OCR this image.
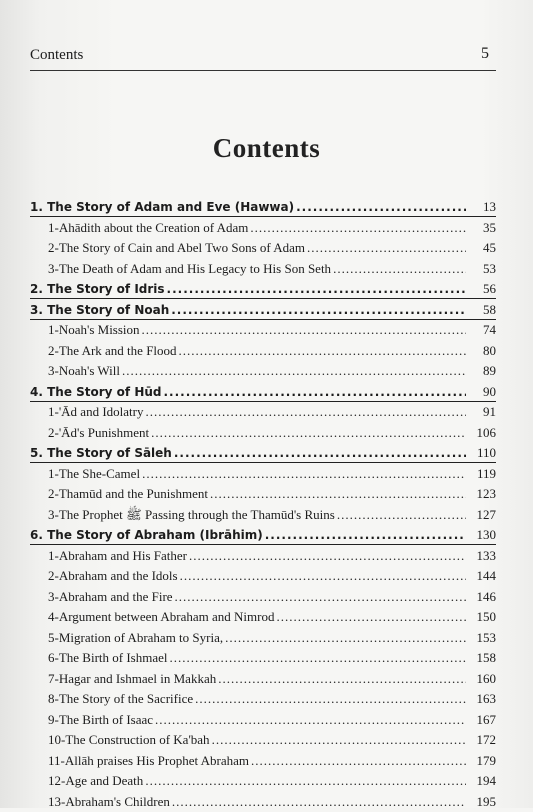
Contents	5
Contents
1. The Story of Adam and Eve (Hawwa) .....	13
1-Ahādith about the Creation of Adam .....	35
2-The Story of Cain and Abel Two Sons of Adam .....	45
3-The Death of Adam and His Legacy to His Son Seth .....	53
2. The Story of Idris .....	56
3. The Story of Noah .....	58
1-Noah's Mission .....	74
2-The Ark and the Flood .....	80
3-Noah's Will .....	89
4. The Story of Hūd .....	90
1-'Ād and Idolatry .....	91
2-'Ād's Punishment .....	106
5. The Story of Sāleh .....	110
1-The She-Camel .....	119
2-Thamūd and the Punishment .....	123
3-The Prophet ﷺ Passing through the Thamūd's Ruins .....	127
6. The Story of Abraham (Ibrāhim) .....	130
1-Abraham and His Father .....	133
2-Abraham and the Idols .....	144
3-Abraham and the Fire .....	146
4-Argument between Abraham and Nimrod .....	150
5-Migration of Abraham to Syria, .....	153
6-The Birth of Ishmael .....	158
7-Hagar and Ishmael in Makkah .....	160
8-The Story of the Sacrifice .....	163
9-The Birth of Isaac .....	167
10-The Construction of Ka'bah .....	172
11-Allāh praises His Prophet Abraham .....	179
12-Age and Death .....	194
13-Abraham's Children .....	195
